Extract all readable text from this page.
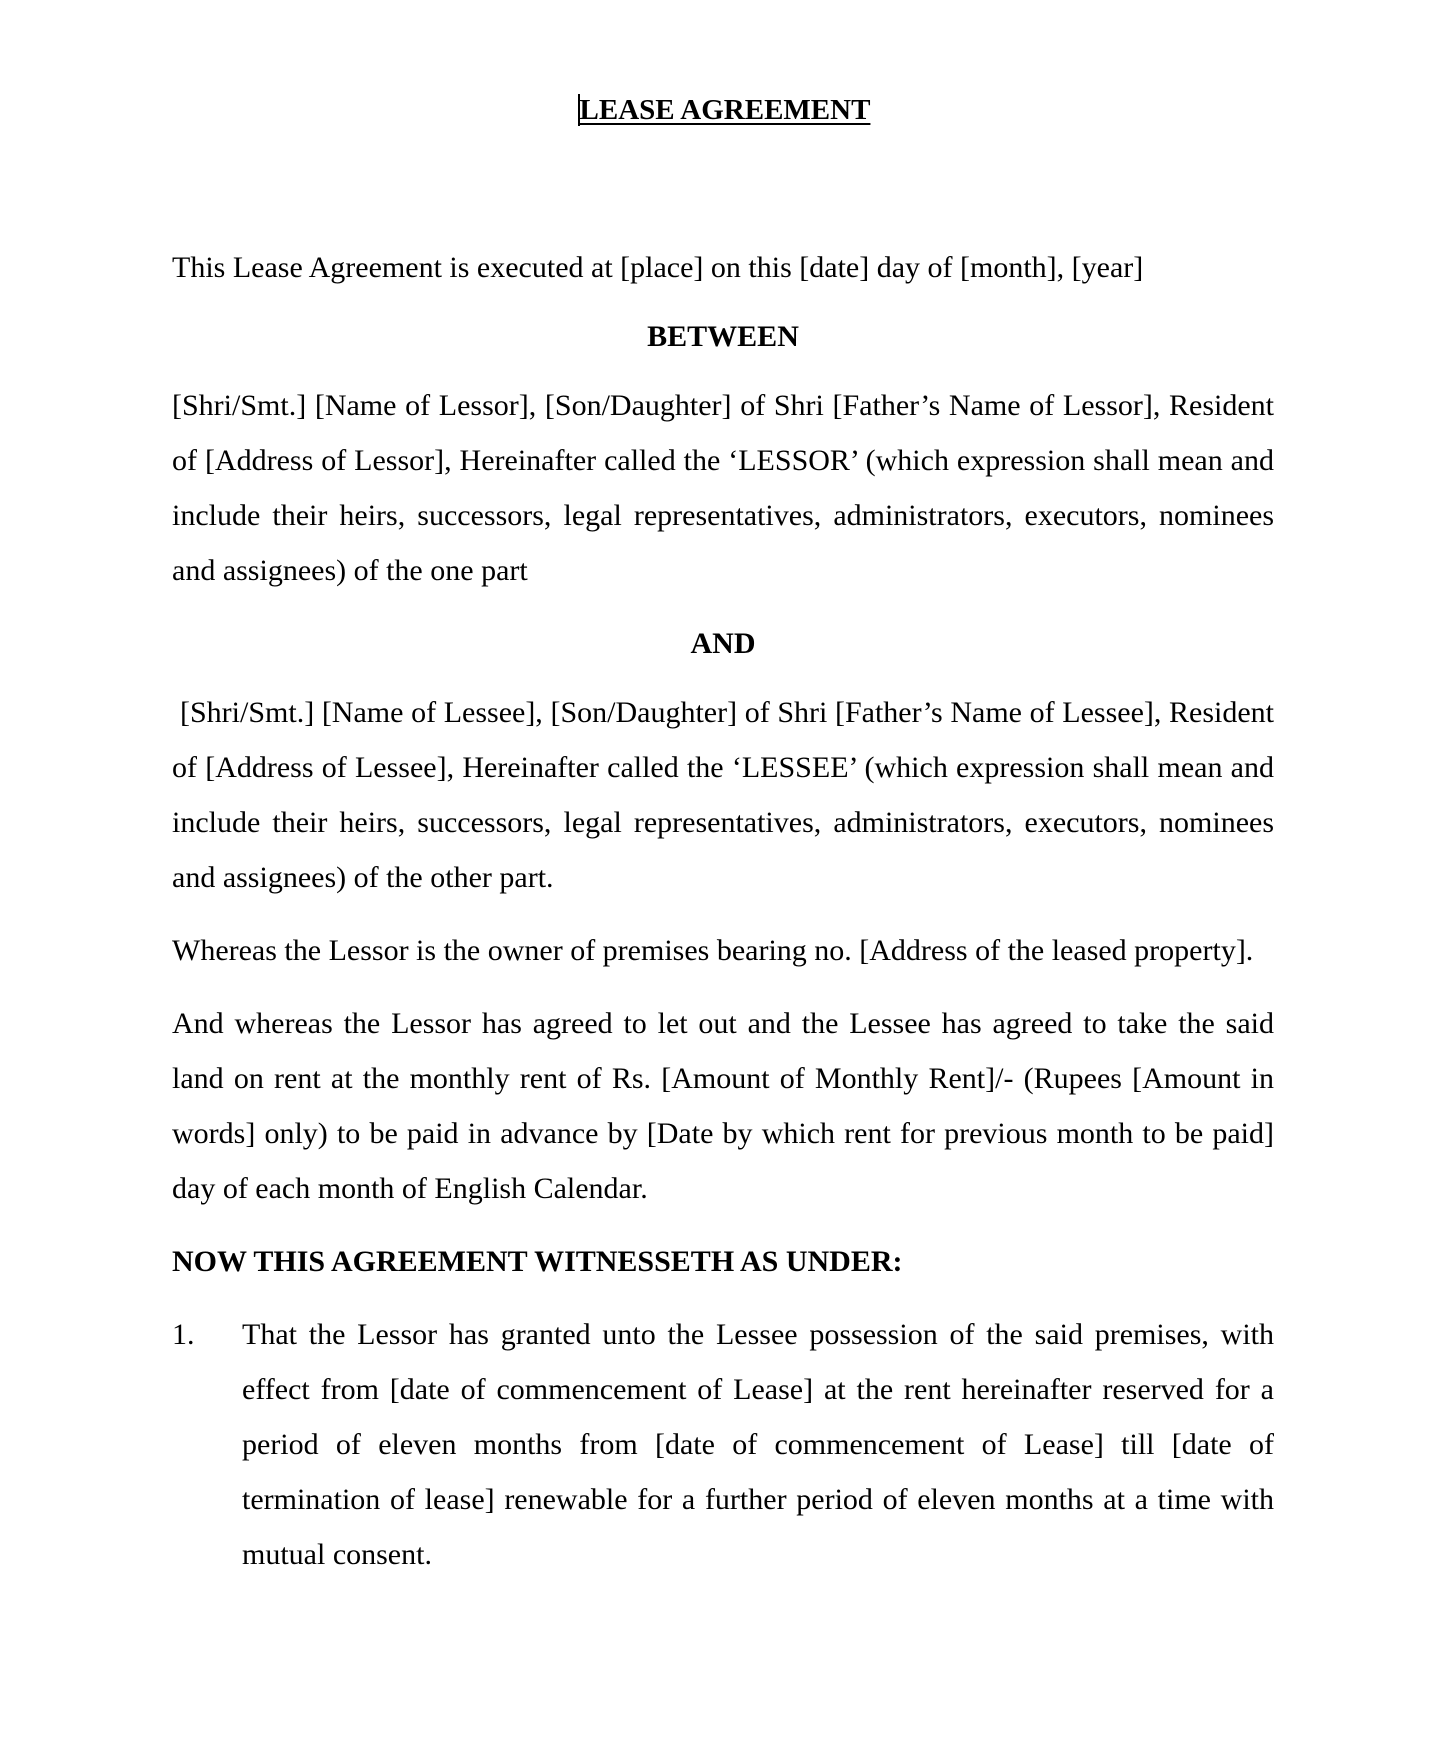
LEASE AGREEMENT

This Lease Agreement is executed at [place] on this [date] day of [month], [year]

BETWEEN

[Shri/Smt.] [Name of Lessor], [Son/Daughter] of Shri [Father’s Name of Lessor], Resident of [Address of Lessor], Hereinafter called the ‘LESSOR’ (which expression shall mean and include their heirs, successors, legal representatives, administrators, executors, nominees and assignees) of the one part

AND

[Shri/Smt.] [Name of Lessee], [Son/Daughter] of Shri [Father’s Name of Lessee], Resident of [Address of Lessee], Hereinafter called the ‘LESSEE’ (which expression shall mean and include their heirs, successors, legal representatives, administrators, executors, nominees and assignees) of the other part.

Whereas the Lessor is the owner of premises bearing no. [Address of the leased property].

And whereas the Lessor has agreed to let out and the Lessee has agreed to take the said land on rent at the monthly rent of Rs. [Amount of Monthly Rent]/- (Rupees [Amount in words] only) to be paid in advance by [Date by which rent for previous month to be paid] day of each month of English Calendar.

NOW THIS AGREEMENT WITNESSETH AS UNDER:
1. That the Lessor has granted unto the Lessee possession of the said premises, with effect from [date of commencement of Lease] at the rent hereinafter reserved for a period of eleven months from [date of commencement of Lease] till [date of termination of lease] renewable for a further period of eleven months at a time with mutual consent.
